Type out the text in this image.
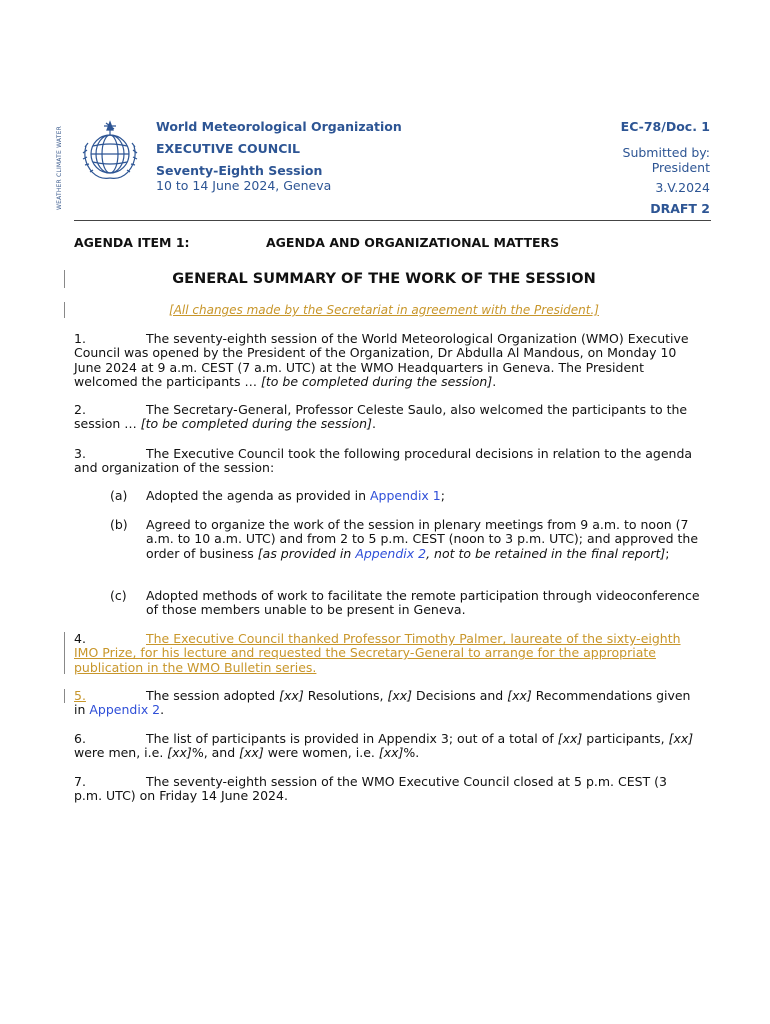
WEATHER CLIMATE WATER	World Meteorological Organization
EXECUTIVE COUNCIL
Seventy-Eighth Session
10 to 14 June 2024, Geneva
EC-78/Doc. 1
Submitted by:
President
3.V.2024
DRAFT 2
AGENDA ITEM 1:	AGENDA AND ORGANIZATIONAL MATTERS
GENERAL SUMMARY OF THE WORK OF THE SESSION
[All changes made by the Secretariat in agreement with the President.]
1.	The seventy-eighth session of the World Meteorological Organization (WMO) Executive Council was opened by the President of the Organization, Dr Abdulla Al Mandous, on Monday 10 June 2024 at 9 a.m. CEST (7 a.m. UTC) at the WMO Headquarters in Geneva. The President welcomed the participants … [to be completed during the session].
2.	The Secretary-General, Professor Celeste Saulo, also welcomed the participants to the session … [to be completed during the session].
3.	The Executive Council took the following procedural decisions in relation to the agenda and organization of the session:
(a)	Adopted the agenda as provided in Appendix 1;
(b)	Agreed to organize the work of the session in plenary meetings from 9 a.m. to noon (7 a.m. to 10 a.m. UTC) and from 2 to 5 p.m. CEST (noon to 3 p.m. UTC); and approved the order of business [as provided in Appendix 2, not to be retained in the final report];
(c)	Adopted methods of work to facilitate the remote participation through videoconference of those members unable to be present in Geneva.
4.	The Executive Council thanked Professor Timothy Palmer, laureate of the sixty-eighth IMO Prize, for his lecture and requested the Secretary-General to arrange for the appropriate publication in the WMO Bulletin series.
5.	The session adopted [xx] Resolutions, [xx] Decisions and [xx] Recommendations given in Appendix 2.
6.	The list of participants is provided in Appendix 3; out of a total of [xx] participants, [xx] were men, i.e. [xx]%, and [xx] were women, i.e. [xx]%.
7.	The seventy-eighth session of the WMO Executive Council closed at 5 p.m. CEST (3 p.m. UTC) on Friday 14 June 2024.
